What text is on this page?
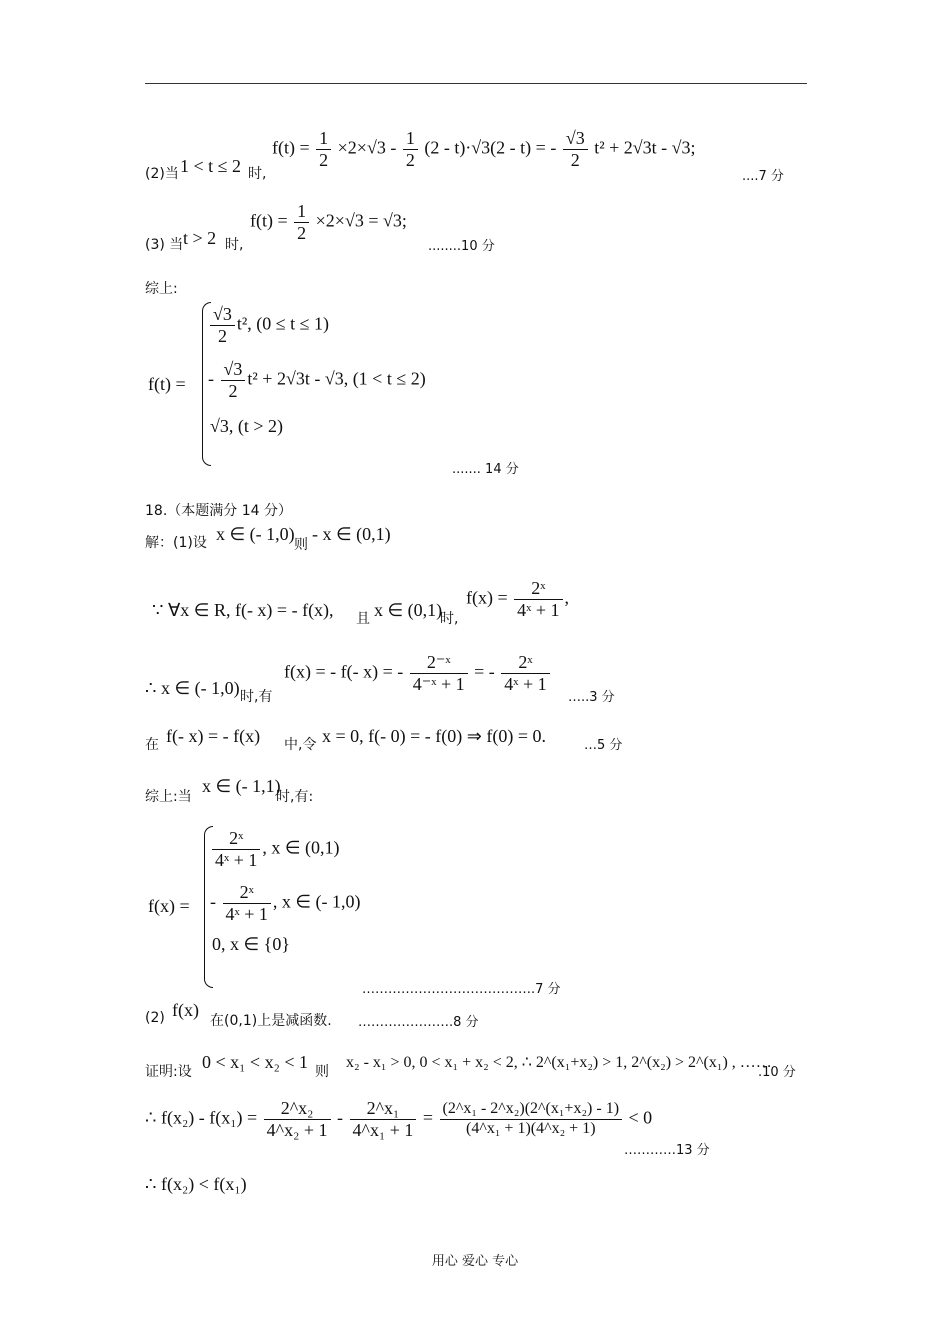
(2)当 1 < t ≤ 2 时,
$f(t) = \frac{1}{2} \times 2\times√3 - \frac{1}{2} (2 - t)\cdot√3(2 - t)$ = - $\frac{√3}{2} t^2 + 2√3t - √3$;
....7 分
(3) 当 t > 2 时,
$f(t) = \frac{1}{2} \times 2\times√3 = √3$;
........10 分
综上:
f(t) =
$\frac{√3}{2} t^2$, (0 ≤ t ≤ 1)
- $\frac{√3}{2} t^2 + 2√3t - √3$, (1 < t ≤ 2)
√3, (t > 2)
....... 14 分
18.（本题满分 14 分）
解：(1)设 x ∈ (- 1,0)
则
- x ∈ (0,1)
∵ ∀x ∈ R, f(- x) = - f(x), 且 x ∈ (0,1)
时,
$f(x) = \frac{\text{2ˣ}}{\text{4ˣ + 1}}$ ,
∴ x ∈ (- 1,0) 时,有
f(x) = - f(- x) = - $\frac{\text{2⁻ˣ}}{\text{4⁻ˣ + 1}}$ = - $\frac{\text{2ˣ}}{\text{4ˣ + 1}}$
…..3 分
在 f(- x) = - f(x) 中,令 x = 0, f(- 0) = - f(0) ⇒ f(0) = 0.	…5 分
综上:当
x ∈ (- 1,1)
时,有:
f(x) =
$\frac{\text{2ˣ}}{\text{4ˣ + 1}}$ , x ∈ (0,1)
- $\frac{\text{2ˣ}}{\text{4ˣ + 1}}$ , x ∈ (- 1,0)
0, x ∈ {0}
………………………………….7 分
(2) f(x)
在(0,1)上是减函数. ………………….8 分
证明:设 0 < x₁ < x₂ < 1 则
x₂ - x₁ > 0, 0 < x₁ + x₂ < 2, ∴ 2^(x₁+x₂) > 1, 2^(x₂) > 2^(x₁) , ……
.10 分
∴ $f(x_2) - f(x_1) = \frac{\text{2\textasciicircum{}x₂}}{\text{4\textasciicircum{}x₂ + 1}} - \frac{\text{2\textasciicircum{}x₁}}{\text{4\textasciicircum{}x₁ + 1}} = \frac{\text{(2\textasciicircum{}x₁ - 2\textasciicircum{}x₂)(2\textasciicircum{}(x₁+x₂) - 1)}}{\text{(4\textasciicircum{}x₁ + 1)(4\textasciicircum{}x₂ + 1)}} < 0$
…………13 分
∴ f(x₂) < f(x₁)
用心 爱心 专心
